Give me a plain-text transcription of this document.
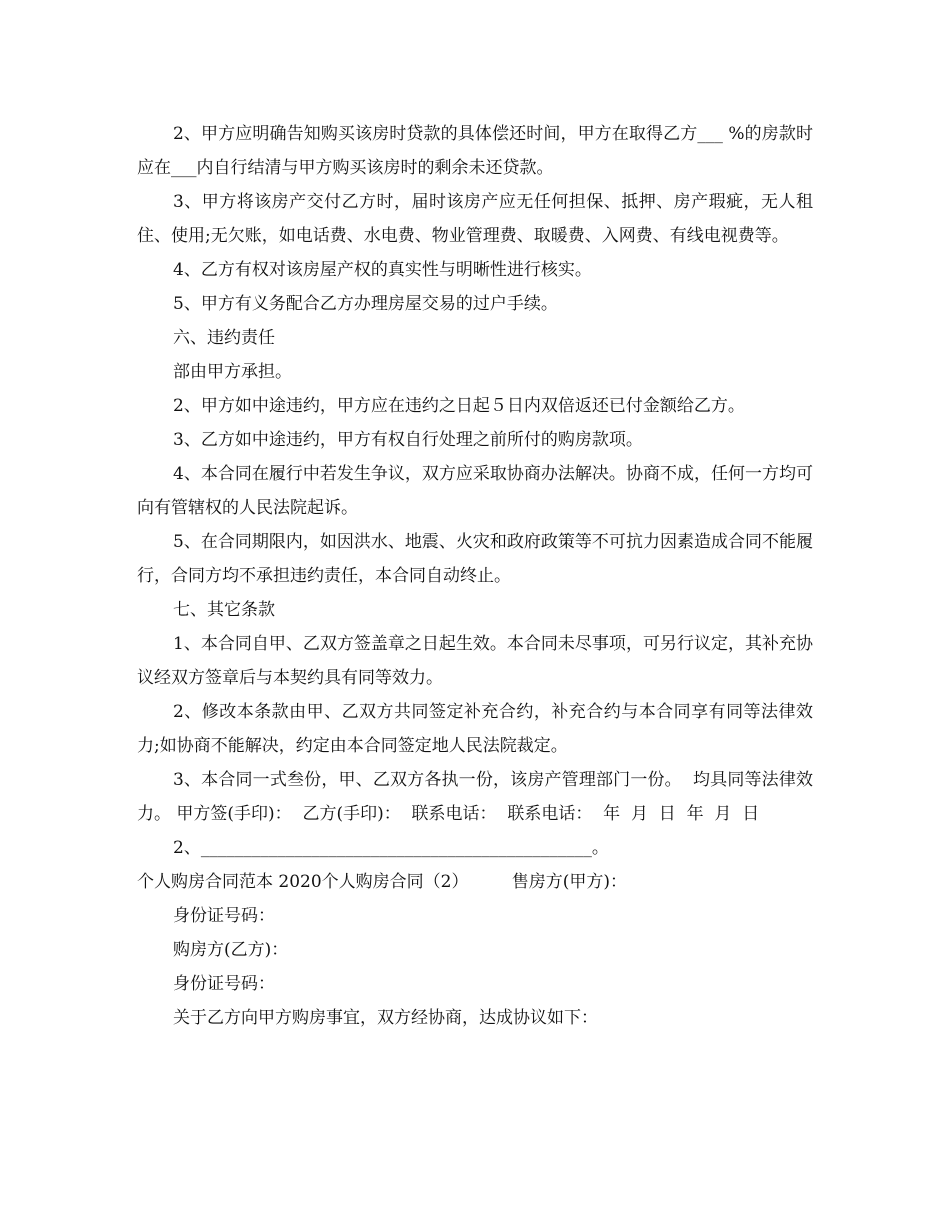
2、甲方应明确告知购买该房时贷款的具体偿还时间，甲方在取得乙方___ %的房款时应在___内自行结清与甲方购买该房时的剩余未还贷款。

3、甲方将该房产交付乙方时，届时该房产应无任何担保、抵押、房产瑕疵，无人租住、使用;无欠账，如电话费、水电费、物业管理费、取暖费、入网费、有线电视费等。

4、乙方有权对该房屋产权的真实性与明晰性进行核实。

5、甲方有义务配合乙方办理房屋交易的过户手续。

六、违约责任

部由甲方承担。

2、甲方如中途违约，甲方应在违约之日起５日内双倍返还已付金额给乙方。

3、乙方如中途违约，甲方有权自行处理之前所付的购房款项。

4、本合同在履行中若发生争议，双方应采取协商办法解决。协商不成，任何一方均可向有管辖权的人民法院起诉。

5、在合同期限内，如因洪水、地震、火灾和政府政策等不可抗力因素造成合同不能履行，合同方均不承担违约责任，本合同自动终止。

七、其它条款

1、本合同自甲、乙双方签盖章之日起生效。本合同未尽事项，可另行议定，其补充协议经双方签章后与本契约具有同等效力。

2、修改本条款由甲、乙双方共同签定补充合约，补充合约与本合同享有同等法律效力;如协商不能解决，约定由本合同签定地人民法院裁定。

3、本合同一式叁份，甲、乙双方各执一份，该房产管理部门一份。  均具同等法律效力。 甲方签(手印)：  乙方(手印)：  联系电话：  联系电话：  年  月  日  年  月  日

2、______________________________________________。

个人购房合同范本 2020个人购房合同（2）        售房方(甲方)：

身份证号码：

购房方(乙方)：

身份证号码：

关于乙方向甲方购房事宜，双方经协商，达成协议如下：
